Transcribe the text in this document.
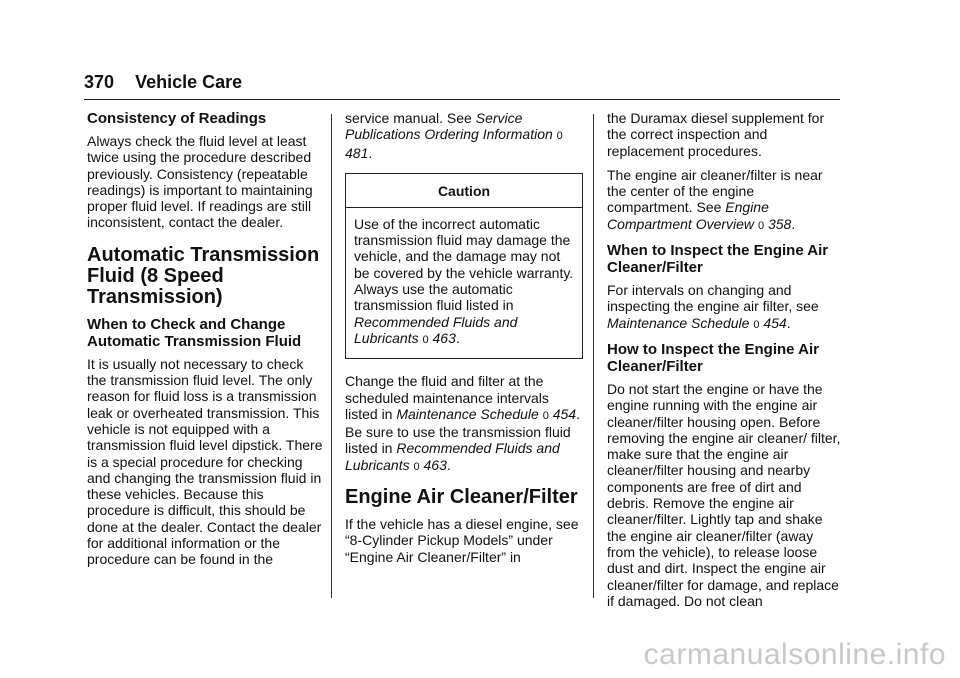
370 Vehicle Care
Consistency of Readings

Always check the fluid level at least twice using the procedure described previously. Consistency (repeatable readings) is important to maintaining proper fluid level. If readings are still inconsistent, contact the dealer.

Automatic Transmission Fluid (8 Speed Transmission)
When to Check and Change Automatic Transmission Fluid

It is usually not necessary to check the transmission fluid level. The only reason for fluid loss is a transmission leak or overheated transmission. This vehicle is not equipped with a transmission fluid level dipstick. There is a special procedure for checking and changing the transmission fluid in these vehicles. Because this procedure is difficult, this should be done at the dealer. Contact the dealer for additional information or the procedure can be found in the

service manual. See Service Publications Ordering Information 0 481.

Caution
Use of the incorrect automatic transmission fluid may damage the vehicle, and the damage may not be covered by the vehicle warranty. Always use the automatic transmission fluid listed in Recommended Fluids and Lubricants 0 463.

Change the fluid and filter at the scheduled maintenance intervals listed in Maintenance Schedule 0 454. Be sure to use the transmission fluid listed in Recommended Fluids and Lubricants 0 463.

Engine Air Cleaner/Filter

If the vehicle has a diesel engine, see “8-Cylinder Pickup Models” under “Engine Air Cleaner/Filter” in

the Duramax diesel supplement for the correct inspection and replacement procedures.

The engine air cleaner/filter is near the center of the engine compartment. See Engine Compartment Overview 0 358.

When to Inspect the Engine Air Cleaner/Filter

For intervals on changing and inspecting the engine air filter, see Maintenance Schedule 0 454.

How to Inspect the Engine Air Cleaner/Filter

Do not start the engine or have the engine running with the engine air cleaner/filter housing open. Before removing the engine air cleaner/ filter, make sure that the engine air cleaner/filter housing and nearby components are free of dirt and debris. Remove the engine air cleaner/filter. Lightly tap and shake the engine air cleaner/filter (away from the vehicle), to release loose dust and dirt. Inspect the engine air cleaner/filter for damage, and replace if damaged. Do not clean

carmanualsonline.info
